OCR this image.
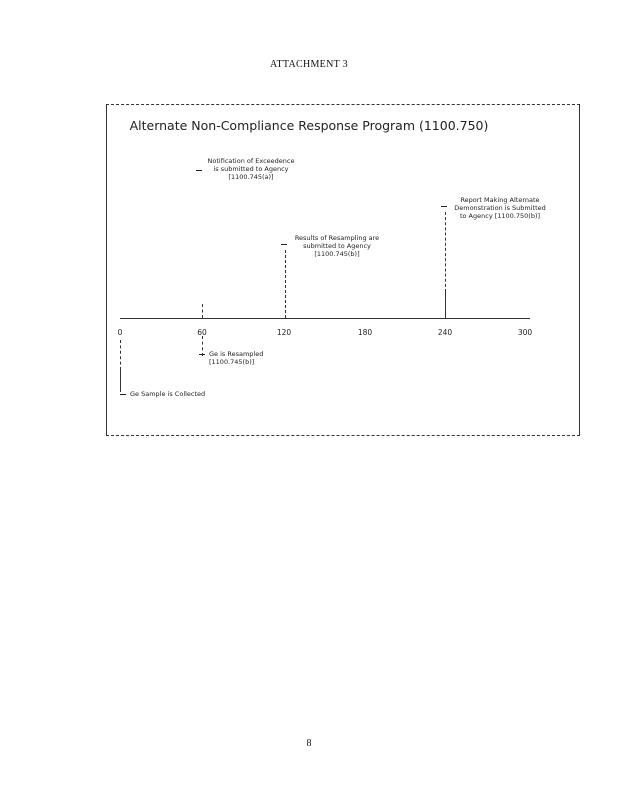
ATTACHMENT 3
Alternate Non-Compliance Response Program (1100.750)
0	60	120	180	240	300
Notification of Exceedence
is submitted to Agency
[1100.745(a)]
Results of Resampling are
submitted to Agency
[1100.745(b)]
Report Making Alternate
Demonstration is Submitted
to Agency [1100.750(b)]
Ge is Resampled
[1100.745(b)]
Ge Sample is Collected
8
